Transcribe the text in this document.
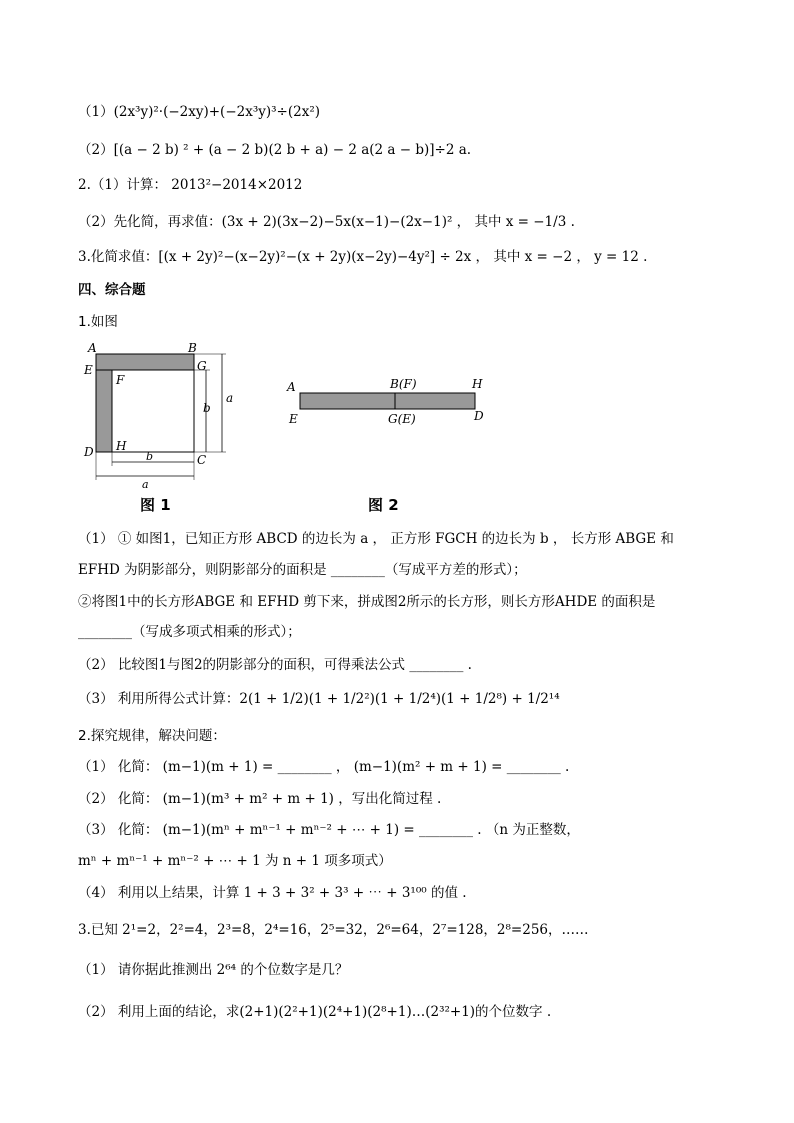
（1）(2x³y)²·(−2xy)+(−2x³y)³÷(2x²)
（2）[(a − 2 b) ² + (a − 2 b)(2 b + a) − 2 a(2 a − b)]÷2 a.
2.（1）计算： 2013²−2014×2012
（2）先化简，再求值：(3x + 2)(3x−2)−5x(x−1)−(2x−1)² ， 其中 x = −1/3 .
3.化简求值：[(x + 2y)²−(x−2y)²−(x + 2y)(x−2y)−4y²] ÷ 2x ， 其中 x = −2 ， y = 12 .
四、综合题
1.如图
A	B
E
F
G
D H
C
a
b
b
a
图 1
A	B(F)	H
E	G(E)	D
图 2
（1） ① 如图1，已知正方形 ABCD 的边长为 a ， 正方形 FGCH 的边长为 b ， 长方形 ABGE 和
EFHD 为阴影部分，则阴影部分的面积是 ________（写成平方差的形式）；
②将图1中的长方形ABGE 和 EFHD 剪下来，拼成图2所示的长方形，则长方形AHDE 的面积是
________（写成多项式相乘的形式）；
（2） 比较图1与图2的阴影部分的面积，可得乘法公式 ________ .
（3） 利用所得公式计算：2(1 + 1/2)(1 + 1/2²)(1 + 1/2⁴)(1 + 1/2⁸) + 1/2¹⁴
2.探究规律，解决问题：
（1） 化简： (m−1)(m + 1) = ________ ， (m−1)(m² + m + 1) = ________ .
（2） 化简： (m−1)(m³ + m² + m + 1) ，写出化简过程 .
（3） 化简： (m−1)(mⁿ + mⁿ⁻¹ + mⁿ⁻² + ⋯ + 1) = ________ . （n 为正整数，
mⁿ + mⁿ⁻¹ + mⁿ⁻² + ⋯ + 1 为 n + 1 项多项式）
（4） 利用以上结果，计算 1 + 3 + 3² + 3³ + ⋯ + 3¹⁰⁰ 的值 .
3.已知 2¹=2，2²=4，2³=8，2⁴=16，2⁵=32，2⁶=64，2⁷=128，2⁸=256，……
（1） 请你据此推测出 2⁶⁴ 的个位数字是几？
（2） 利用上面的结论，求(2+1)(2²+1)(2⁴+1)(2⁸+1)…(2³²+1)的个位数字 .
